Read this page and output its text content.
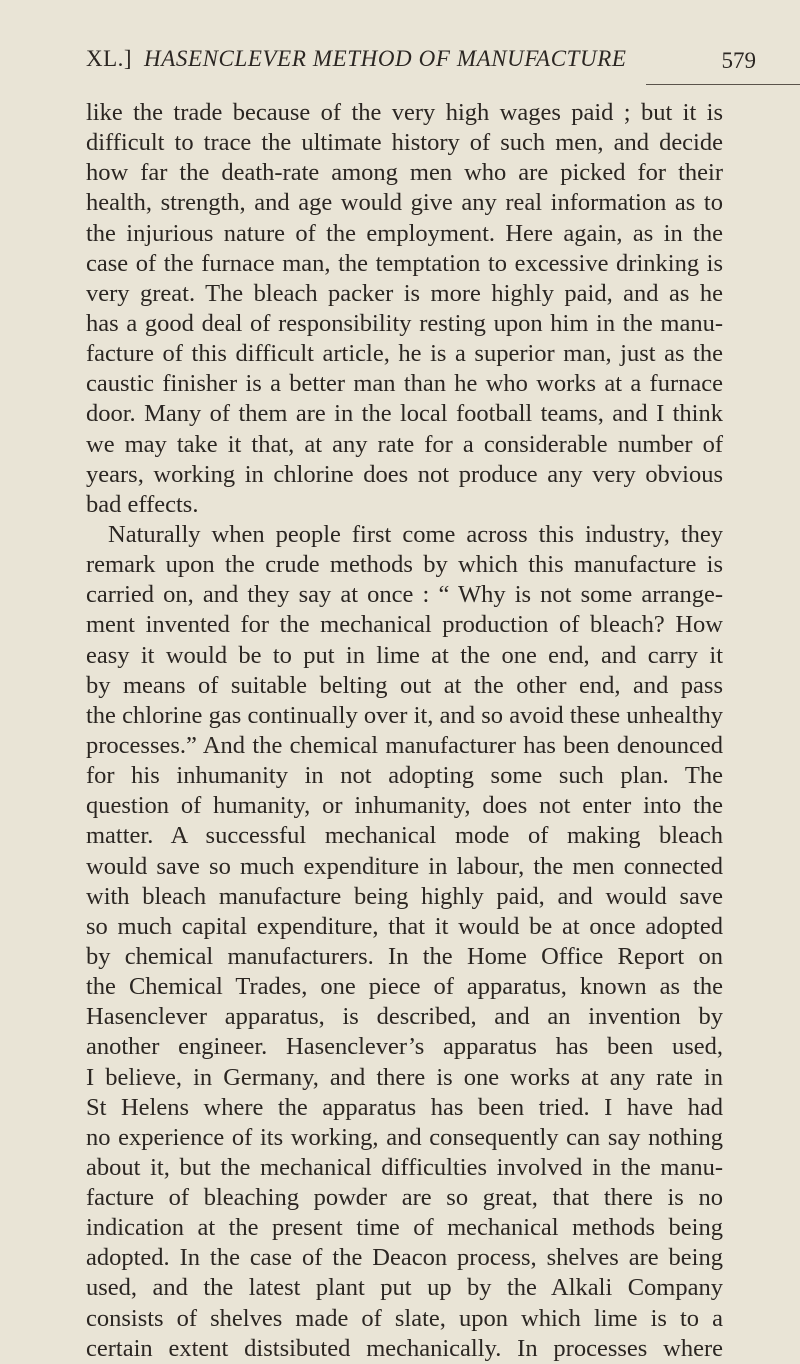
XL.] HASENCLEVER METHOD OF MANUFACTURE	579
like the trade because of the very high wages paid ; but it is
difficult to trace the ultimate history of such men, and decide
how far the death-rate among men who are picked for their
health, strength, and age would give any real information as to
the injurious nature of the employment. Here again, as in the
case of the furnace man, the temptation to excessive drinking is
very great. The bleach packer is more highly paid, and as he
has a good deal of responsibility resting upon him in the manu-
facture of this difficult article, he is a superior man, just as the
caustic finisher is a better man than he who works at a furnace
door. Many of them are in the local football teams, and I think
we may take it that, at any rate for a considerable number of
years, working in chlorine does not produce any very obvious
bad effects.
Naturally when people first come across this industry, they
remark upon the crude methods by which this manufacture is
carried on, and they say at once : “ Why is not some arrange-
ment invented for the mechanical production of bleach? How
easy it would be to put in lime at the one end, and carry it
by means of suitable belting out at the other end, and pass
the chlorine gas continually over it, and so avoid these unhealthy
processes.” And the chemical manufacturer has been denounced
for his inhumanity in not adopting some such plan. The
question of humanity, or inhumanity, does not enter into the
matter. A successful mechanical mode of making bleach
would save so much expenditure in labour, the men connected
with bleach manufacture being highly paid, and would save
so much capital expenditure, that it would be at once adopted
by chemical manufacturers. In the Home Office Report on
the Chemical Trades, one piece of apparatus, known as the
Hasenclever apparatus, is described, and an invention by
another engineer. Hasenclever’s apparatus has been used,
I believe, in Germany, and there is one works at any rate in
St Helens where the apparatus has been tried. I have had
no experience of its working, and consequently can say nothing
about it, but the mechanical difficulties involved in the manu-
facture of bleaching powder are so great, that there is no
indication at the present time of mechanical methods being
adopted. In the case of the Deacon process, shelves are being
used, and the latest plant put up by the Alkali Company
consists of shelves made of slate, upon which lime is to a
certain extent distsibuted mechanically. In processes where
